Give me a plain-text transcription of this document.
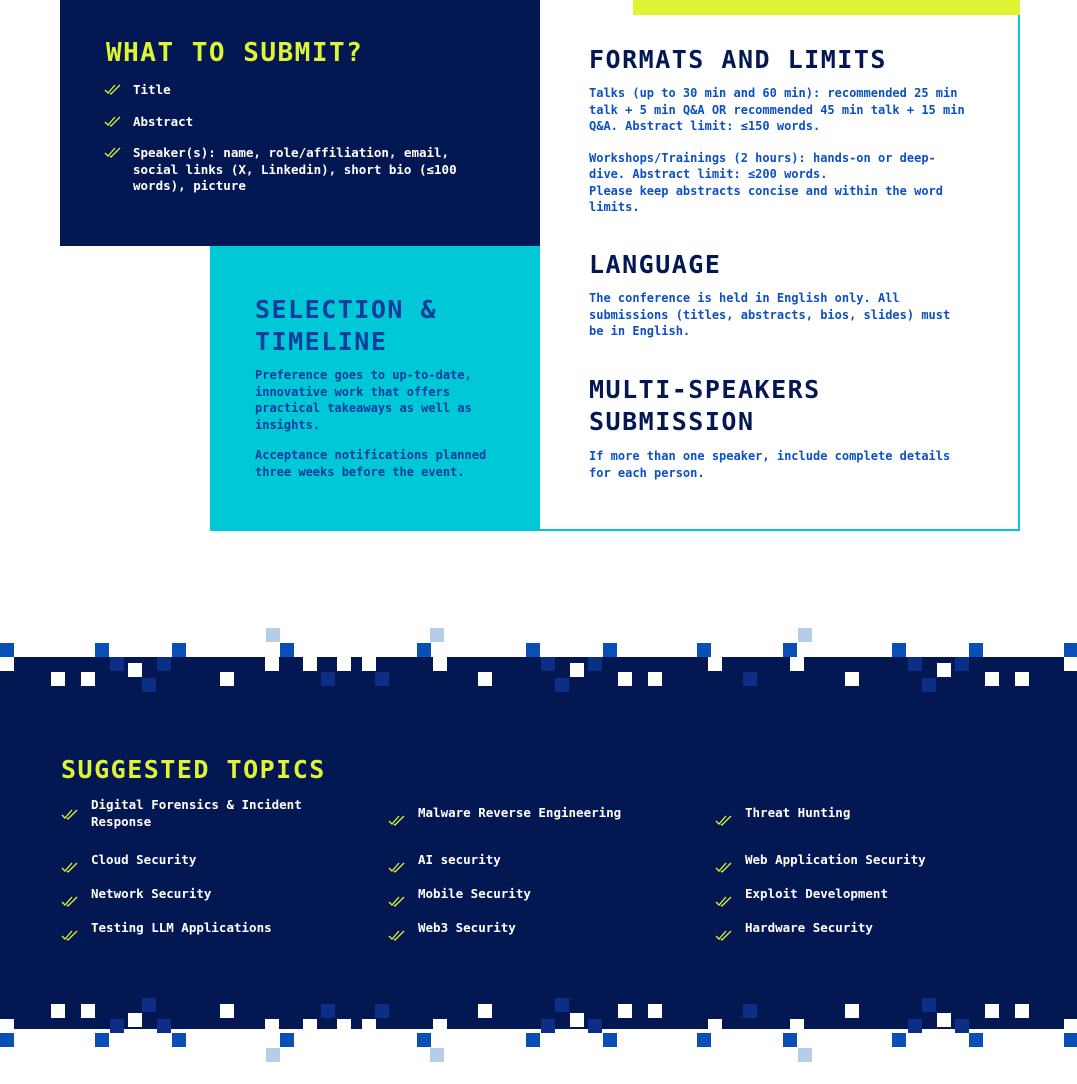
WHAT TO SUBMIT?
Title
Abstract
Speaker(s): name, role/affiliation, email, social links (X, Linkedin), short bio (≤100 words), picture
FORMATS AND LIMITS

Talks (up to 30 min and 60 min): recommended 25 min talk + 5 min Q&A OR recommended 45 min talk + 15 min Q&A. Abstract limit: ≤150 words.

Workshops/Trainings (2 hours): hands-on or deep-dive. Abstract limit: ≤200 words.

Please keep abstracts concise and within the word limits.

LANGUAGE

The conference is held in English only. All submissions (titles, abstracts, bios, slides) must be in English.

MULTI-SPEAKERS SUBMISSION

If more than one speaker, include complete details for each person.

SELECTION & TIMELINE

Preference goes to up-to-date, innovative work that offers practical takeaways as well as insights.

Acceptance notifications planned three weeks before the event.

SUGGESTED TOPICS
Digital Forensics & Incident Response
Cloud Security
Network Security
Testing LLM Applications
Malware Reverse Engineering
AI security
Mobile Security
Web3 Security
Threat Hunting
Web Application Security
Exploit Development
Hardware Security
